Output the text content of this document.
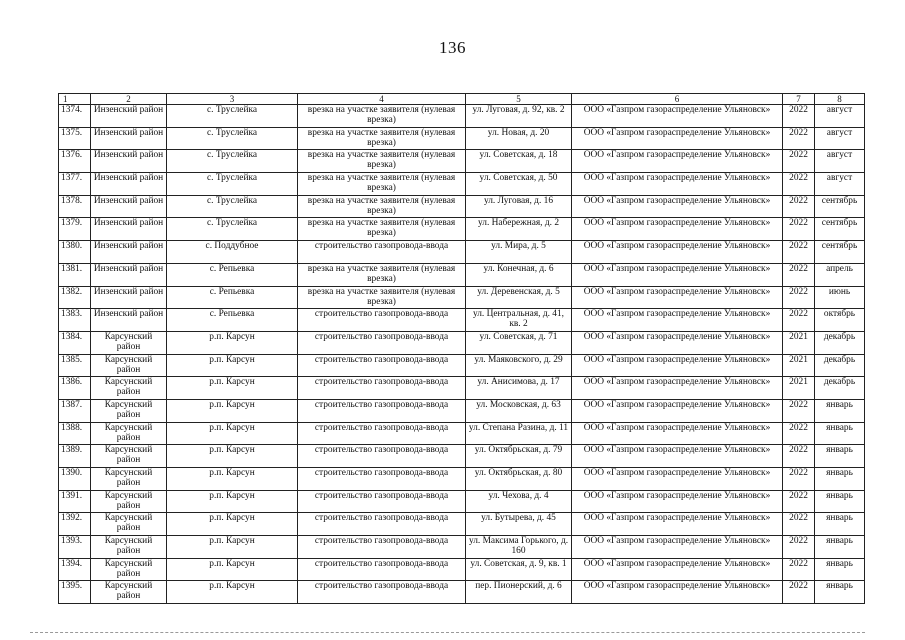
136
1	2	3	4	5	6	7	8
1374.	Инзенский район	с. Труслейка	врезка на участке заявителя (нулевая врезка)	ул. Луговая, д. 92, кв. 2	ООО «Газпром газораспределение Ульяновск»	2022	август
1375.	Инзенский район	с. Труслейка	врезка на участке заявителя (нулевая врезка)	ул. Новая, д. 20	ООО «Газпром газораспределение Ульяновск»	2022	август
1376.	Инзенский район	с. Труслейка	врезка на участке заявителя (нулевая врезка)	ул. Советская, д. 18	ООО «Газпром газораспределение Ульяновск»	2022	август
1377.	Инзенский район	с. Труслейка	врезка на участке заявителя (нулевая врезка)	ул. Советская, д. 50	ООО «Газпром газораспределение Ульяновск»	2022	август
1378.	Инзенский район	с. Труслейка	врезка на участке заявителя (нулевая врезка)	ул. Луговая, д. 16	ООО «Газпром газораспределение Ульяновск»	2022	сентябрь
1379.	Инзенский район	с. Труслейка	врезка на участке заявителя (нулевая врезка)	ул. Набережная, д. 2	ООО «Газпром газораспределение Ульяновск»	2022	сентябрь
1380.	Инзенский район	с. Поддубное	строительство газопровода-ввода	ул. Мира, д. 5	ООО «Газпром газораспределение Ульяновск»	2022	сентябрь
1381.	Инзенский район	с. Репьевка	врезка на участке заявителя (нулевая врезка)	ул. Конечная, д. 6	ООО «Газпром газораспределение Ульяновск»	2022	апрель
1382.	Инзенский район	с. Репьевка	врезка на участке заявителя (нулевая врезка)	ул. Деревенская, д. 5	ООО «Газпром газораспределение Ульяновск»	2022	июнь
1383.	Инзенский район	с. Репьевка	строительство газопровода-ввода	ул. Центральная, д. 41, кв. 2	ООО «Газпром газораспределение Ульяновск»	2022	октябрь
1384.	Карсунский район	р.п. Карсун	строительство газопровода-ввода	ул. Советская, д. 71	ООО «Газпром газораспределение Ульяновск»	2021	декабрь
1385.	Карсунский район	р.п. Карсун	строительство газопровода-ввода	ул. Маяковского, д. 29	ООО «Газпром газораспределение Ульяновск»	2021	декабрь
1386.	Карсунский район	р.п. Карсун	строительство газопровода-ввода	ул. Анисимова, д. 17	ООО «Газпром газораспределение Ульяновск»	2021	декабрь
1387.	Карсунский район	р.п. Карсун	строительство газопровода-ввода	ул. Московская, д. 63	ООО «Газпром газораспределение Ульяновск»	2022	январь
1388.	Карсунский район	р.п. Карсун	строительство газопровода-ввода	ул. Степана Разина, д. 11	ООО «Газпром газораспределение Ульяновск»	2022	январь
1389.	Карсунский район	р.п. Карсун	строительство газопровода-ввода	ул. Октябрьская, д. 79	ООО «Газпром газораспределение Ульяновск»	2022	январь
1390.	Карсунский район	р.п. Карсун	строительство газопровода-ввода	ул. Октябрьская, д. 80	ООО «Газпром газораспределение Ульяновск»	2022	январь
1391.	Карсунский район	р.п. Карсун	строительство газопровода-ввода	ул. Чехова, д. 4	ООО «Газпром газораспределение Ульяновск»	2022	январь
1392.	Карсунский район	р.п. Карсун	строительство газопровода-ввода	ул. Бутырева, д. 45	ООО «Газпром газораспределение Ульяновск»	2022	январь
1393.	Карсунский район	р.п. Карсун	строительство газопровода-ввода	ул. Максима Горького, д. 160	ООО «Газпром газораспределение Ульяновск»	2022	январь
1394.	Карсунский район	р.п. Карсун	строительство газопровода-ввода	ул. Советская, д. 9, кв. 1	ООО «Газпром газораспределение Ульяновск»	2022	январь
1395.	Карсунский район	р.п. Карсун	строительство газопровода-ввода	пер. Пионерский, д. 6	ООО «Газпром газораспределение Ульяновск»	2022	январь
